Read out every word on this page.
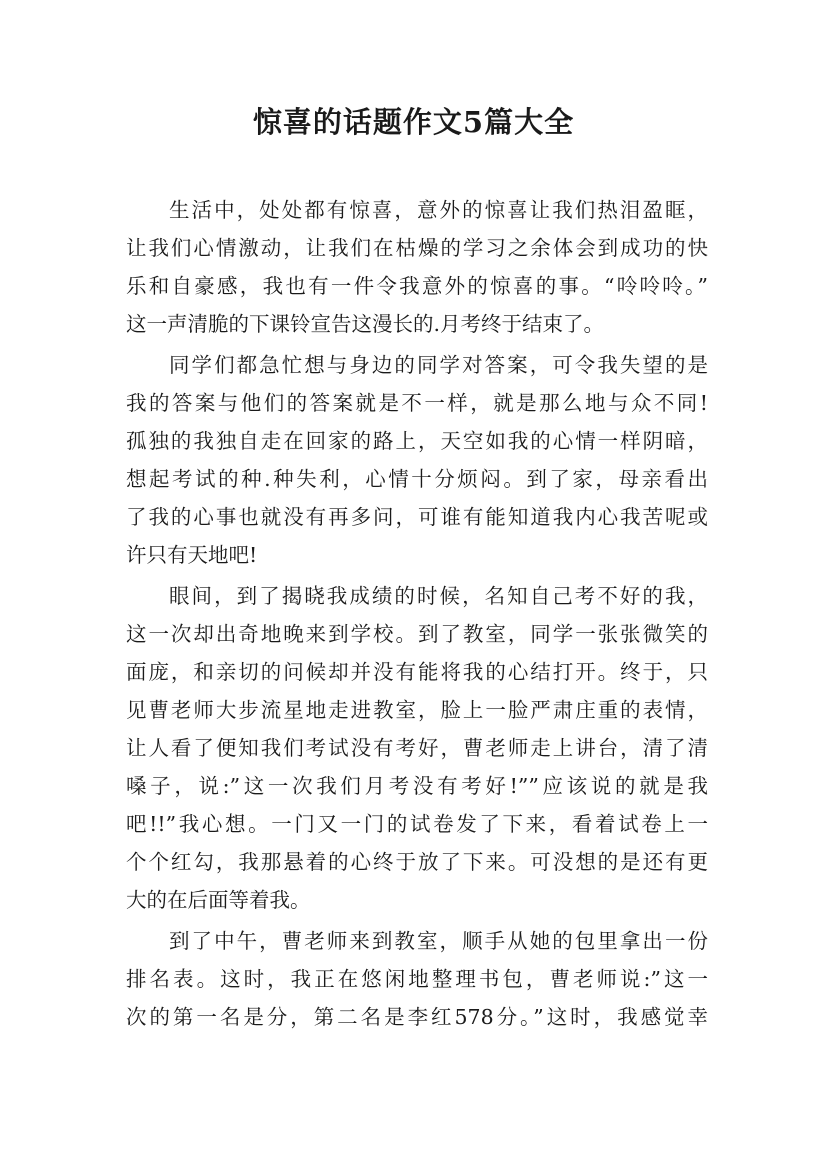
惊喜的话题作文5篇大全

生活中，处处都有惊喜，意外的惊喜让我们热泪盈眶，

让我们心情激动，让我们在枯燥的学习之余体会到成功的快

乐和自豪感，我也有一件令我意外的惊喜的事。“呤呤呤。”

这一声清脆的下课铃宣告这漫长的.月考终于结束了。

同学们都急忙想与身边的同学对答案，可令我失望的是

我的答案与他们的答案就是不一样，就是那么地与众不同!

孤独的我独自走在回家的路上，天空如我的心情一样阴暗，

想起考试的种.种失利，心情十分烦闷。到了家，母亲看出

了我的心事也就没有再多问，可谁有能知道我内心我苦呢或

许只有天地吧!

眼间，到了揭晓我成绩的时候，名知自己考不好的我，

这一次却出奇地晚来到学校。到了教室，同学一张张微笑的

面庞，和亲切的问候却并没有能将我的心结打开。终于，只

见曹老师大步流星地走进教室，脸上一脸严肃庄重的表情，

让人看了便知我们考试没有考好，曹老师走上讲台，清了清

嗓子，说:”这一次我们月考没有考好!””应该说的就是我

吧!!”我心想。一门又一门的试卷发了下来，看着试卷上一

个个红勾，我那悬着的心终于放了下来。可没想的是还有更

大的在后面等着我。

到了中午，曹老师来到教室，顺手从她的包里拿出一份

排名表。这时，我正在悠闲地整理书包，曹老师说:”这一

次的第一名是分，第二名是李红578分。”这时，我感觉幸
